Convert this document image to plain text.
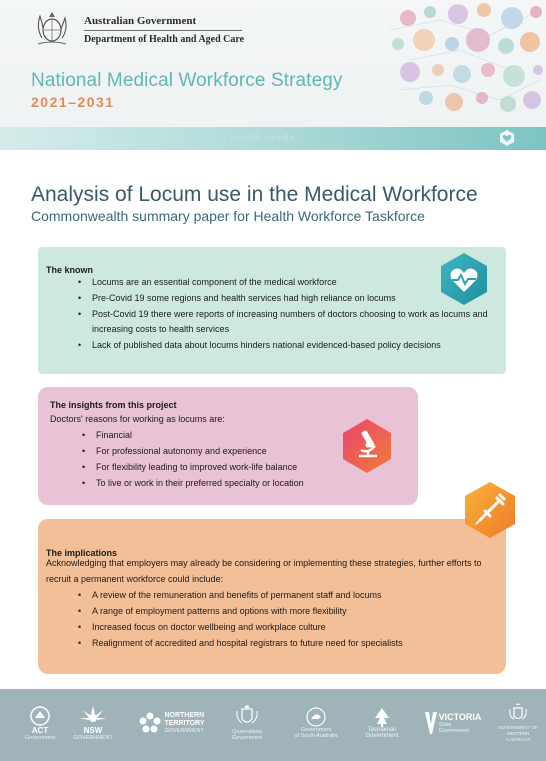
Australian Government
Department of Health and Aged Care
health needs
National Medical Workforce Strategy
2021–2031
Analysis of Locum use in the Medical Workforce
Commonwealth summary paper for Health Workforce Taskforce
The known
• Locums are an essential component of the medical workforce
• Pre-Covid 19 some regions and health services had high reliance on locums
• Post-Covid 19 there were reports of increasing numbers of doctors choosing to work as locums and
increasing costs to health services
• Lack of published data about locums hinders national evidenced-based policy decisions
The insights from this project
Doctors' reasons for working as locums are:
• Financial
• For professional autonomy and experience
• For flexibility leading to improved work-life balance
• To live or work in their preferred specialty or location
The implications
Acknowledging that employers may already be considering or implementing these strategies, further efforts to
recruit a permanent workforce could include:
• A review of the remuneration and benefits of permanent staff and locums
• A range of employment patterns and options with more flexibility
• Increased focus on doctor wellbeing and workplace culture
• Realignment of accredited and hospital registrars to future need for specialists
ACT
Government
NSW
GOVERNMENT
NORTHERN
TERRITORY
GOVERNMENT	Queensland
Government
Government
of South Australia
Tasmanian
Government
VICTORIA
State
Government	GOVERNMENT OF
WESTERN AUSTRALIA
